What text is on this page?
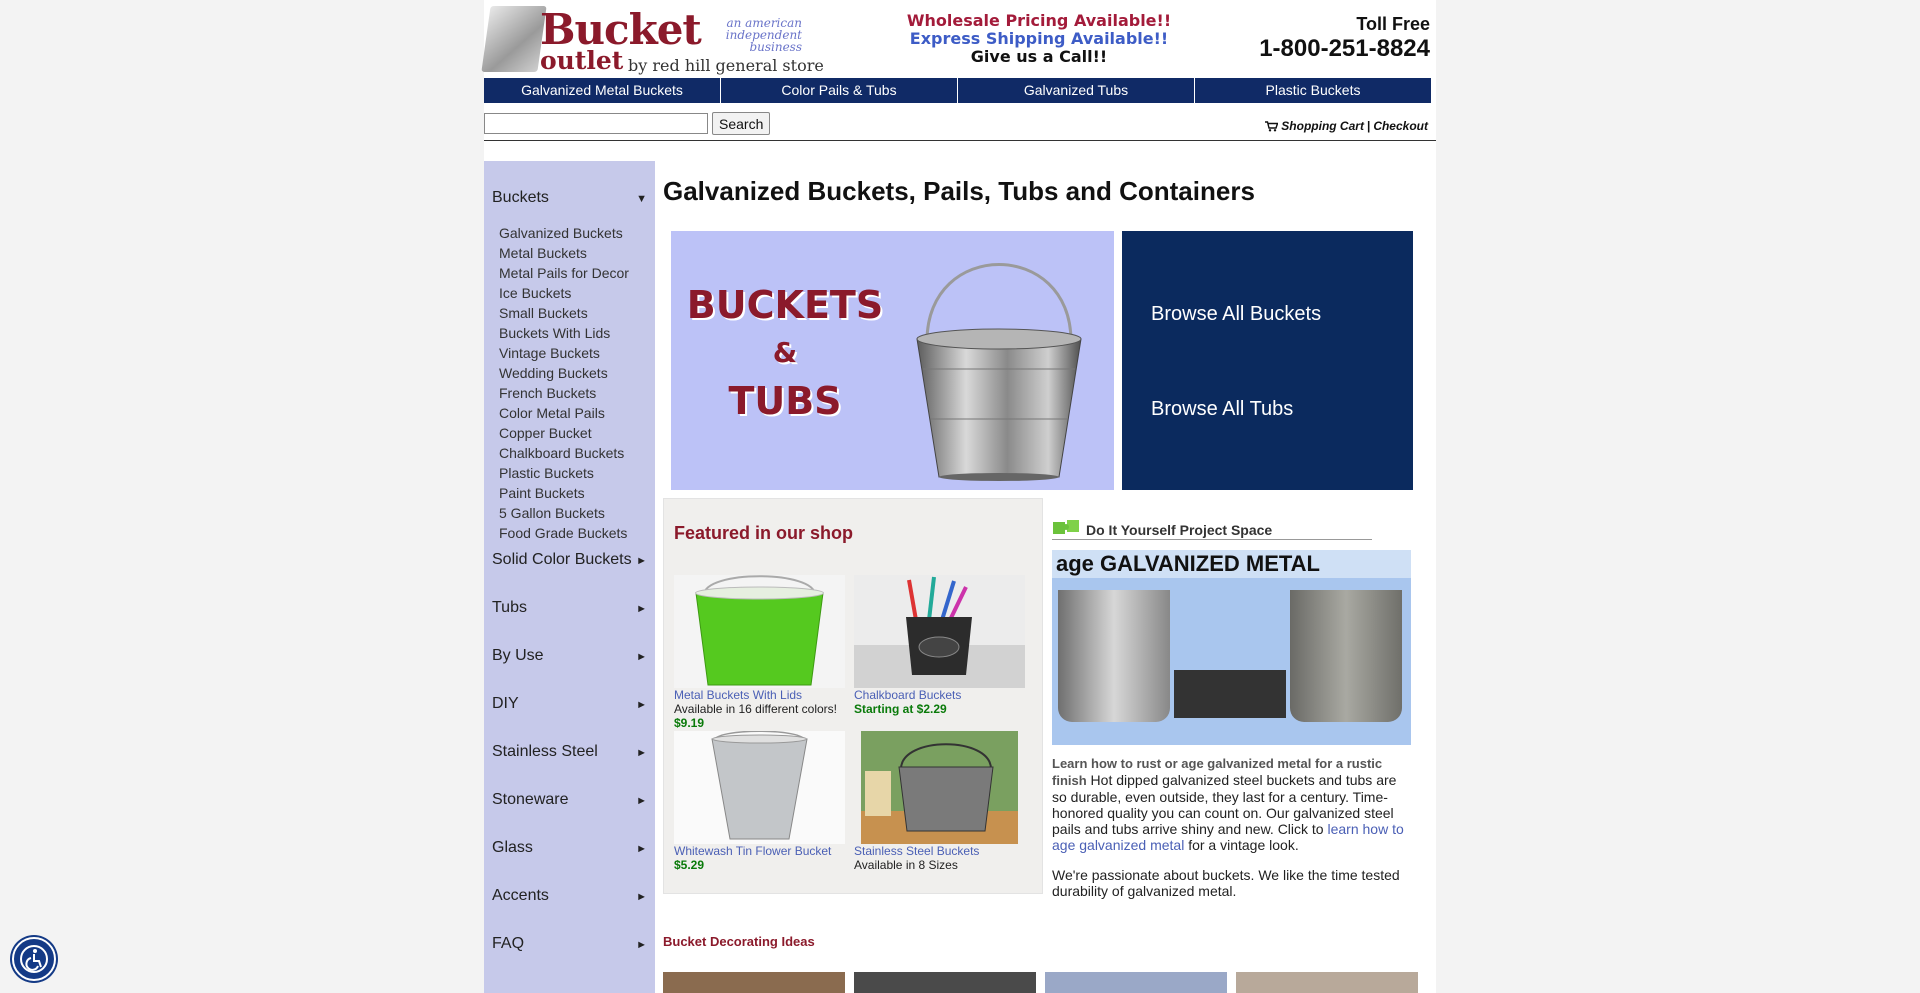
Bucket
outlet
an american independent business
by red hill general store
Wholesale Pricing Available!!
Express Shipping Available!!
Give us a Call!!
Toll Free
1-800-251-8824
Galvanized Metal Buckets	Color Pails & Tubs	Galvanized Tubs	Plastic Buckets
Search	Shopping Cart | Checkout
Buckets	▼
Galvanized Buckets
Metal Buckets
Metal Pails for Decor
Ice Buckets
Small Buckets
Buckets With Lids
Vintage Buckets
Wedding Buckets
French Buckets
Color Metal Pails
Copper Bucket
Chalkboard Buckets
Plastic Buckets
Paint Buckets
5 Gallon Buckets
Food Grade Buckets
Solid Color Buckets ►
Tubs	►
By Use	►
DIY	►
Stainless Steel	►
Stoneware	►
Glass	►
Accents	►
FAQ	►
Galvanized Buckets, Pails, Tubs and Containers
BUCKETS
&
TUBS
Browse All Buckets
Browse All Tubs
Featured in our shop
Metal Buckets With Lids
Available in 16 different colors!
$9.19
Chalkboard Buckets
Starting at $2.29
Whitewash Tin Flower Bucket
$5.29
Stainless Steel Buckets
Available in 8 Sizes
Do It Yourself Project Space
age GALVANIZED METAL
Learn how to rust or age galvanized metal for a rustic finish Hot dipped galvanized steel buckets and tubs are so durable, even outside, they last for a century. Time-honored quality you can count on. Our galvanized steel pails and tubs arrive shiny and new. Click to learn how to age galvanized metal for a vintage look.
We're passionate about buckets. We like the time tested durability of galvanized metal.
Bucket Decorating Ideas
